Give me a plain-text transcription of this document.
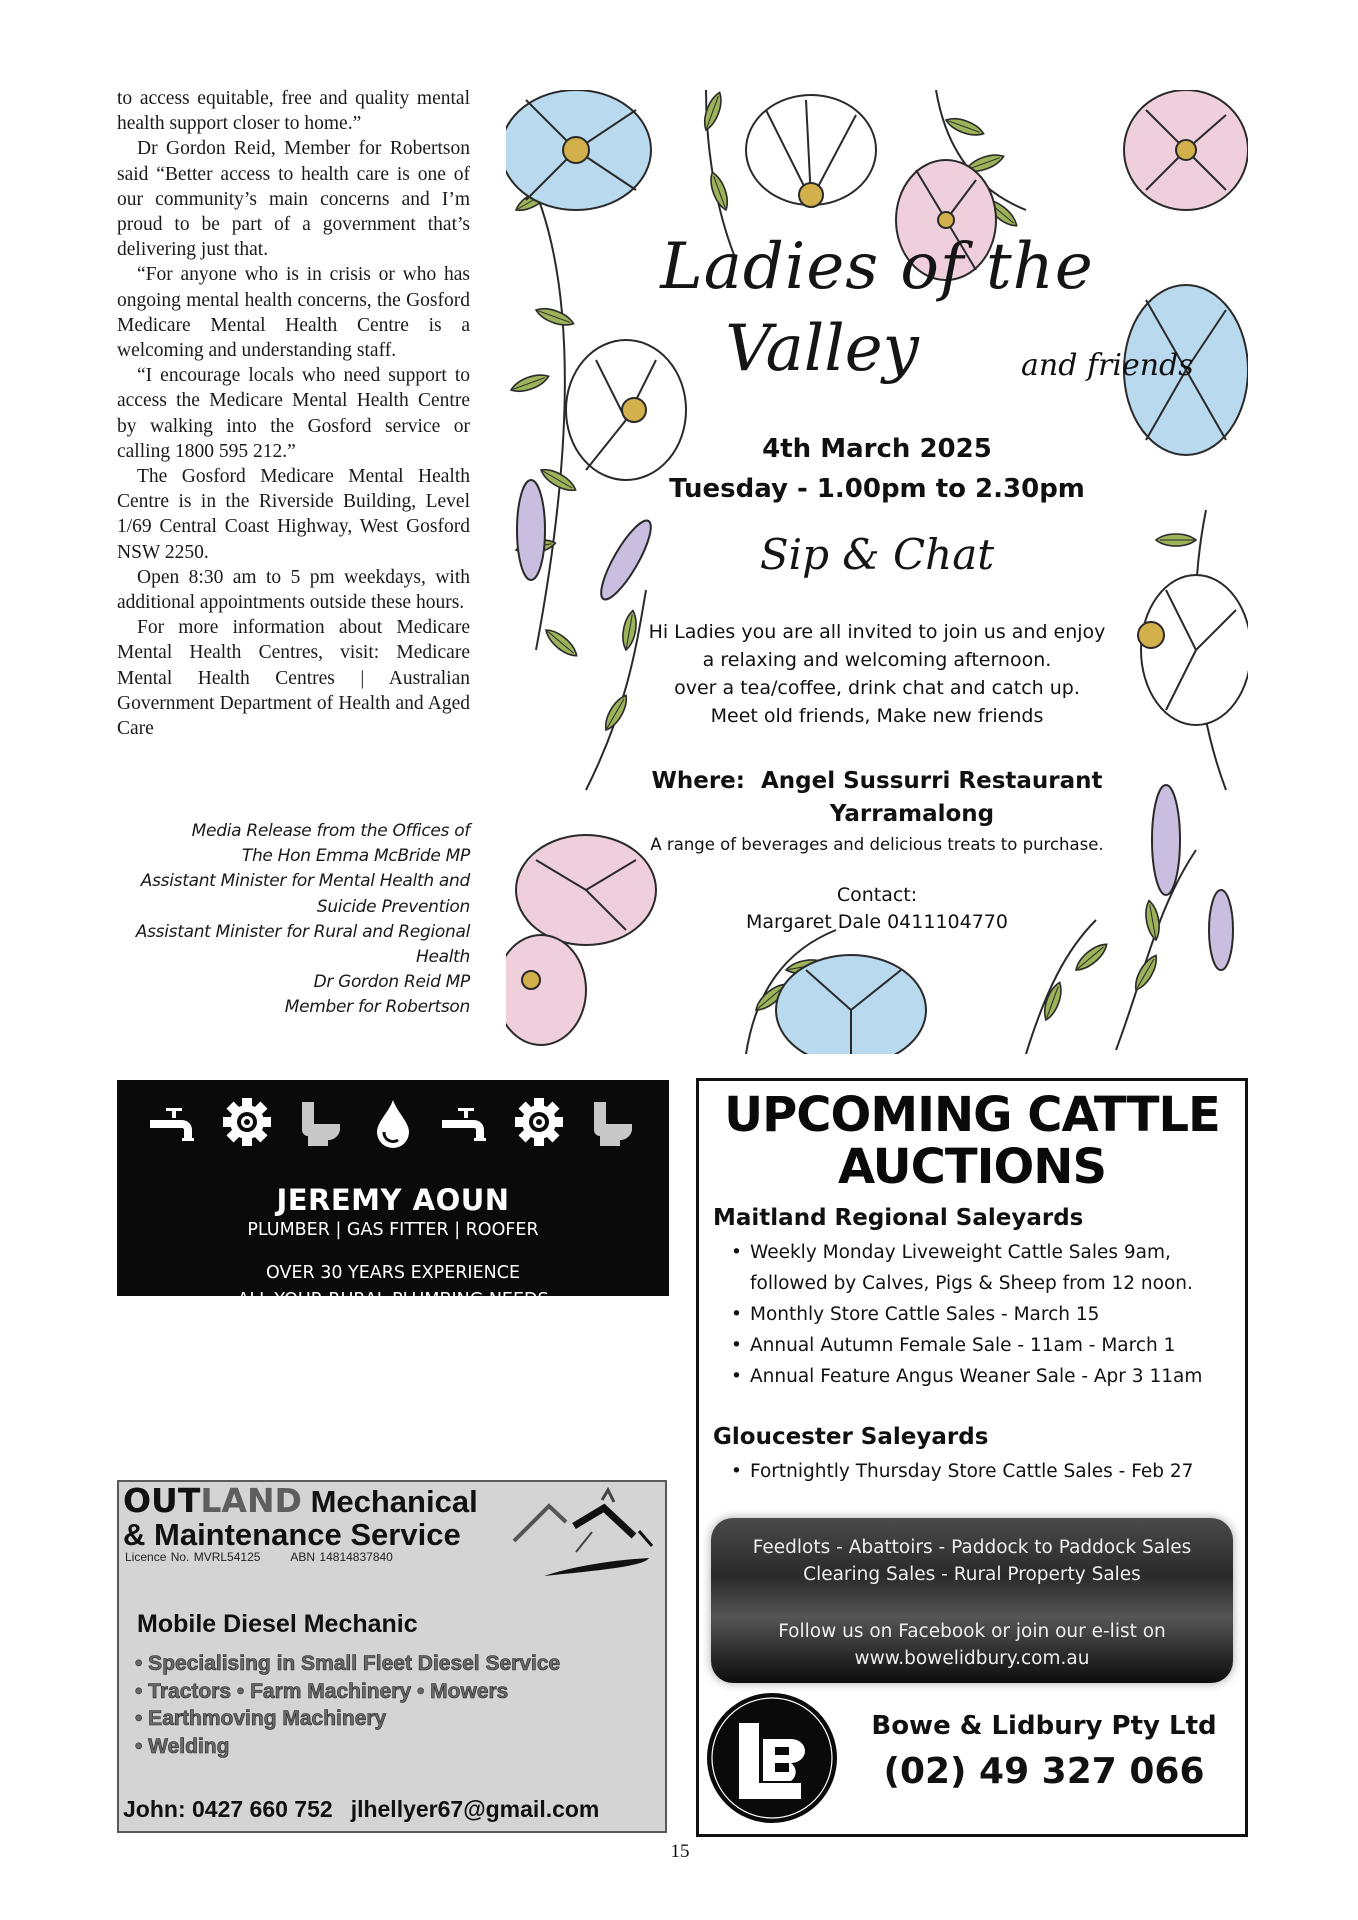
to access equitable, free and quality mental health support closer to home.”

Dr Gordon Reid, Member for Robertson said “Better access to health care is one of our community’s main concerns and I’m proud to be part of a government that’s delivering just that.

“For anyone who is in crisis or who has ongoing mental health concerns, the Gosford Medicare Mental Health Centre is a welcoming and understanding staff.

“I encourage locals who need support to access the Medicare Mental Health Centre by walking into the Gosford service or calling 1800 595 212.”

The Gosford Medicare Mental Health Centre is in the Riverside Building, Level 1/69 Central Coast Highway, West Gosford NSW 2250.

Open 8:30 am to 5 pm weekdays, with additional appointments outside these hours.

For more information about Medicare Mental Health Centres, visit: Medicare Mental Health Centres | Australian Government Department of Health and Aged Care

Media Release from the Offices of
The Hon Emma McBride MP
Assistant Minister for Mental Health and
Suicide Prevention
Assistant Minister for Rural and Regional
Health
Dr Gordon Reid MP
Member for Robertson
Ladies of the
Valley	and friends
4th March 2025
Tuesday - 1.00pm to 2.30pm
Sip & Chat
Hi Ladies you are all invited to join us and enjoy
a relaxing and welcoming afternoon.
over a tea/coffee, drink chat and catch up.
Meet old friends, Make new friends
Where: Angel Sussurri Restaurant
Yarramalong
A range of beverages and delicious treats to purchase.
Contact:
Margaret Dale 0411104770
JEREMY AOUN
PLUMBER | GAS FITTER | ROOFER
OVER 30 YEARS EXPERIENCE
ALL YOUR RURAL PLUMBING NEEDS
Mobile: 0424 894 225
Licence:134701C
Email@ aussieplumbing1@gmail.com
OUTLAND Mechanical
& Maintenance Service
Licence No. MVRL54125	ABN 14814837840
Mobile Diesel Mechanic
• Specialising in Small Fleet Diesel Service
• Tractors • Farm Machinery • Mowers
• Earthmoving Machinery
• Welding
John: 0427 660 752 jlhellyer67@gmail.com
UPCOMING CATTLE
AUCTIONS
Maitland Regional Saleyards
• Weekly Monday Liveweight Cattle Sales 9am,
followed by Calves, Pigs & Sheep from 12 noon.
• Monthly Store Cattle Sales - March 15
• Annual Autumn Female Sale - 11am - March 1
• Annual Feature Angus Weaner Sale - Apr 3 11am
Gloucester Saleyards
• Fortnightly Thursday Store Cattle Sales - Feb 27
Feedlots - Abattoirs - Paddock to Paddock Sales
Clearing Sales - Rural Property Sales
Follow us on Facebook or join our e-list on
www.bowelidbury.com.au
Bowe & Lidbury Pty Ltd
(02) 49 327 066
15
